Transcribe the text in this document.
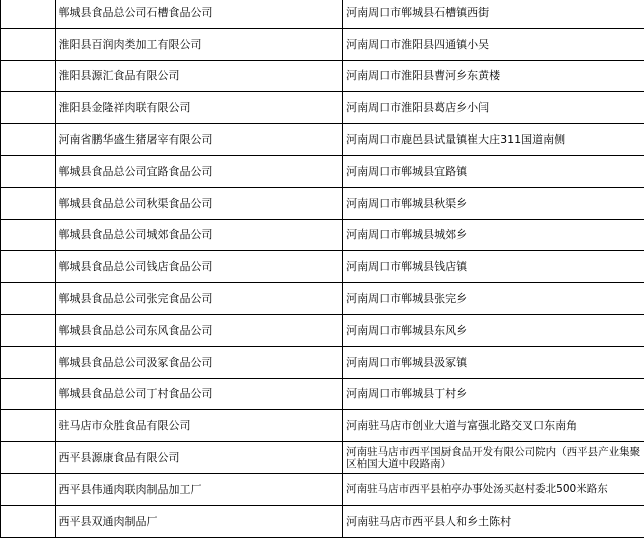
	郸城县食品总公司石槽食品公司	河南周口市郸城县石槽镇西街
	淮阳县百润肉类加工有限公司	河南周口市淮阳县四通镇小吴
	淮阳县源汇食品有限公司	河南周口市淮阳县曹河乡东黄楼
	淮阳县金隆祥肉联有限公司	河南周口市淮阳县葛店乡小闫
	河南省鹏华盛生猪屠宰有限公司	河南周口市鹿邑县试量镇崔大庄311国道南侧
	郸城县食品总公司宜路食品公司	河南周口市郸城县宜路镇
	郸城县食品总公司秋渠食品公司	河南周口市郸城县秋渠乡
	郸城县食品总公司城郊食品公司	河南周口市郸城县城郊乡
	郸城县食品总公司钱店食品公司	河南周口市郸城县钱店镇
	郸城县食品总公司张完食品公司	河南周口市郸城县张完乡
	郸城县食品总公司东风食品公司	河南周口市郸城县东风乡
	郸城县食品总公司汲冢食品公司	河南周口市郸城县汲冢镇
	郸城县食品总公司丁村食品公司	河南周口市郸城县丁村乡
	驻马店市众胜食品有限公司	河南驻马店市创业大道与富强北路交叉口东南角
	西平县源康食品有限公司	河南驻马店市西平国厨食品开发有限公司院内（西平县产业集聚区柏国大道中段路南）
	西平县伟通肉联肉制品加工厂	河南驻马店市西平县柏亭办事处汤买赵村委北500米路东
	西平县双通肉制品厂	河南驻马店市西平县人和乡土陈村
